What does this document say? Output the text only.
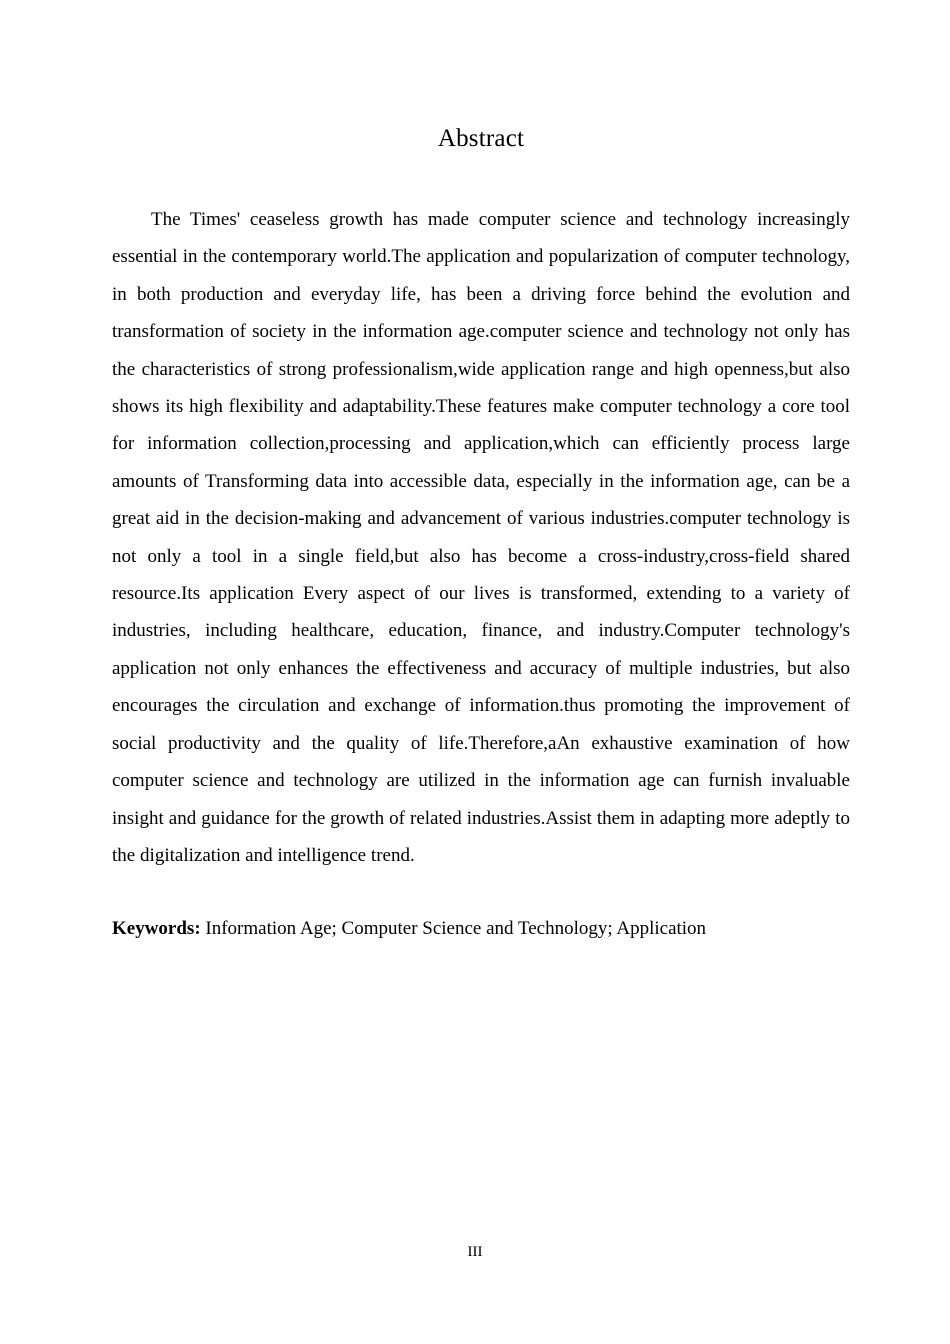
Abstract

The Times' ceaseless growth has made computer science and technology increasingly essential in the contemporary world.The application and popularization of computer technology, in both production and everyday life, has been a driving force behind the evolution and transformation of society in the information age.computer science and technology not only has the characteristics of strong professionalism,wide application range and high openness,but also shows its high flexibility and adaptability.These features make computer technology a core tool for information collection,processing and application,which can efficiently process large amounts of Transforming data into accessible data, especially in the information age, can be a great aid in the decision-making and advancement of various industries.computer technology is not only a tool in a single field,but also has become a cross-industry,cross-field shared resource.Its application Every aspect of our lives is transformed, extending to a variety of industries, including healthcare, education, finance, and industry.Computer technology's application not only enhances the effectiveness and accuracy of multiple industries, but also encourages the circulation and exchange of information.thus promoting the improvement of social productivity and the quality of life.Therefore,aAn exhaustive examination of how computer science and technology are utilized in the information age can furnish invaluable insight and guidance for the growth of related industries.Assist them in adapting more adeptly to the digitalization and intelligence trend.

Keywords: Information Age; Computer Science and Technology; Application

III
